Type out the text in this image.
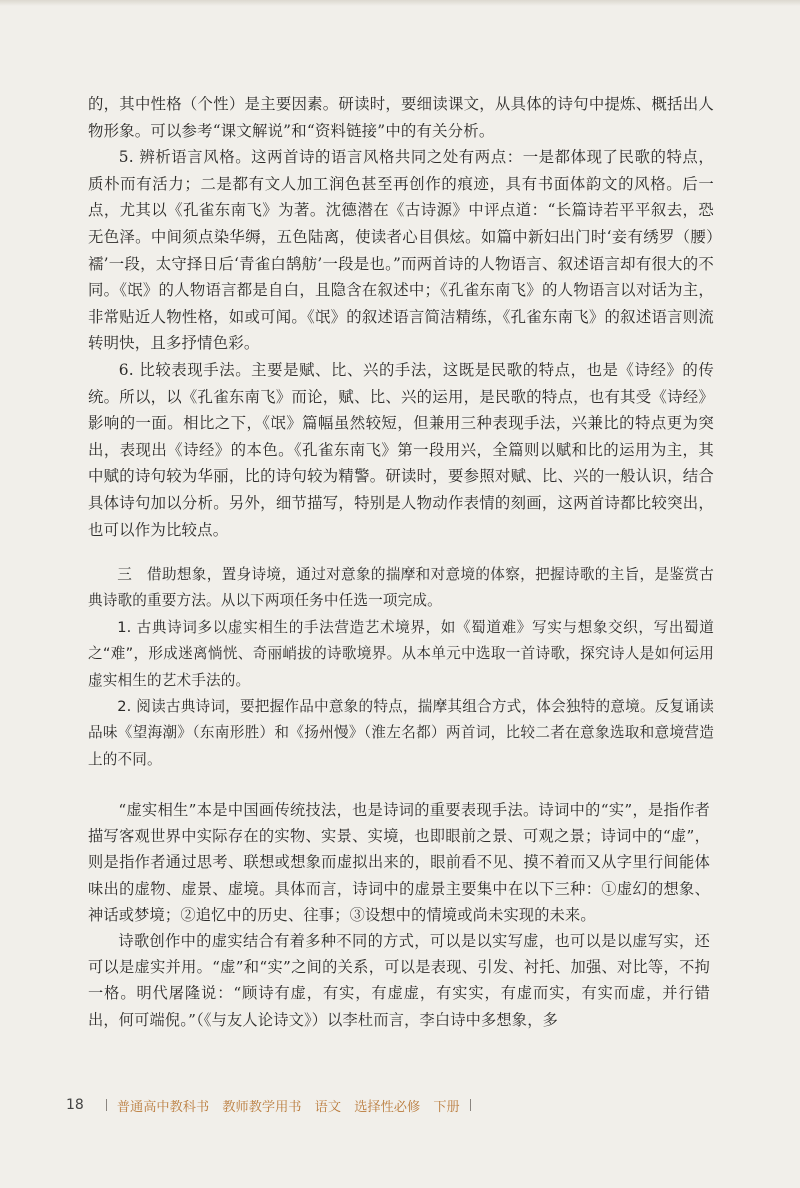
的，其中性格（个性）是主要因素。研读时，要细读课文，从具体的诗句中提炼、概括出人物形象。可以参考“课文解说”和“资料链接”中的有关分析。

5. 辨析语言风格。这两首诗的语言风格共同之处有两点：一是都体现了民歌的特点，质朴而有活力；二是都有文人加工润色甚至再创作的痕迹，具有书面体韵文的风格。后一点，尤其以《孔雀东南飞》为著。沈德潜在《古诗源》中评点道：“长篇诗若平平叙去，恐无色泽。中间须点染华缛，五色陆离，使读者心目俱炫。如篇中新妇出门时‘妾有绣罗（腰）襦’一段，太守择日后‘青雀白鹄舫’一段是也。”而两首诗的人物语言、叙述语言却有很大的不同。《氓》的人物语言都是自白，且隐含在叙述中；《孔雀东南飞》的人物语言以对话为主，非常贴近人物性格，如或可闻。《氓》的叙述语言简洁精练，《孔雀东南飞》的叙述语言则流转明快，且多抒情色彩。

6. 比较表现手法。主要是赋、比、兴的手法，这既是民歌的特点，也是《诗经》的传统。所以，以《孔雀东南飞》而论，赋、比、兴的运用，是民歌的特点，也有其受《诗经》影响的一面。相比之下，《氓》篇幅虽然较短，但兼用三种表现手法，兴兼比的特点更为突出，表现出《诗经》的本色。《孔雀东南飞》第一段用兴，全篇则以赋和比的运用为主，其中赋的诗句较为华丽，比的诗句较为精警。研读时，要参照对赋、比、兴的一般认识，结合具体诗句加以分析。另外，细节描写，特别是人物动作表情的刻画，这两首诗都比较突出，也可以作为比较点。

三　借助想象，置身诗境，通过对意象的揣摩和对意境的体察，把握诗歌的主旨，是鉴赏古典诗歌的重要方法。从以下两项任务中任选一项完成。

1. 古典诗词多以虚实相生的手法营造艺术境界，如《蜀道难》写实与想象交织，写出蜀道之“难”，形成迷离惝恍、奇丽峭拔的诗歌境界。从本单元中选取一首诗歌，探究诗人是如何运用虚实相生的艺术手法的。

2. 阅读古典诗词，要把握作品中意象的特点，揣摩其组合方式，体会独特的意境。反复诵读品味《望海潮》（东南形胜）和《扬州慢》（淮左名都）两首词，比较二者在意象选取和意境营造上的不同。

“虚实相生”本是中国画传统技法，也是诗词的重要表现手法。诗词中的“实”，是指作者描写客观世界中实际存在的实物、实景、实境，也即眼前之景、可观之景；诗词中的“虚”，则是指作者通过思考、联想或想象而虚拟出来的，眼前看不见、摸不着而又从字里行间能体味出的虚物、虚景、虚境。具体而言，诗词中的虚景主要集中在以下三种：①虚幻的想象、神话或梦境；②追忆中的历史、往事；③设想中的情境或尚未实现的未来。

诗歌创作中的虚实结合有着多种不同的方式，可以是以实写虚，也可以是以虚写实，还可以是虚实并用。“虚”和“实”之间的关系，可以是表现、引发、衬托、加强、对比等，不拘一格。明代屠隆说：“顾诗有虚，有实，有虚虚，有实实，有虚而实，有实而虚，并行错出，何可端倪。”（《与友人论诗文》）以李杜而言，李白诗中多想象，多

18	普通高中教科书　教师教学用书　语文　选择性必修　下册
